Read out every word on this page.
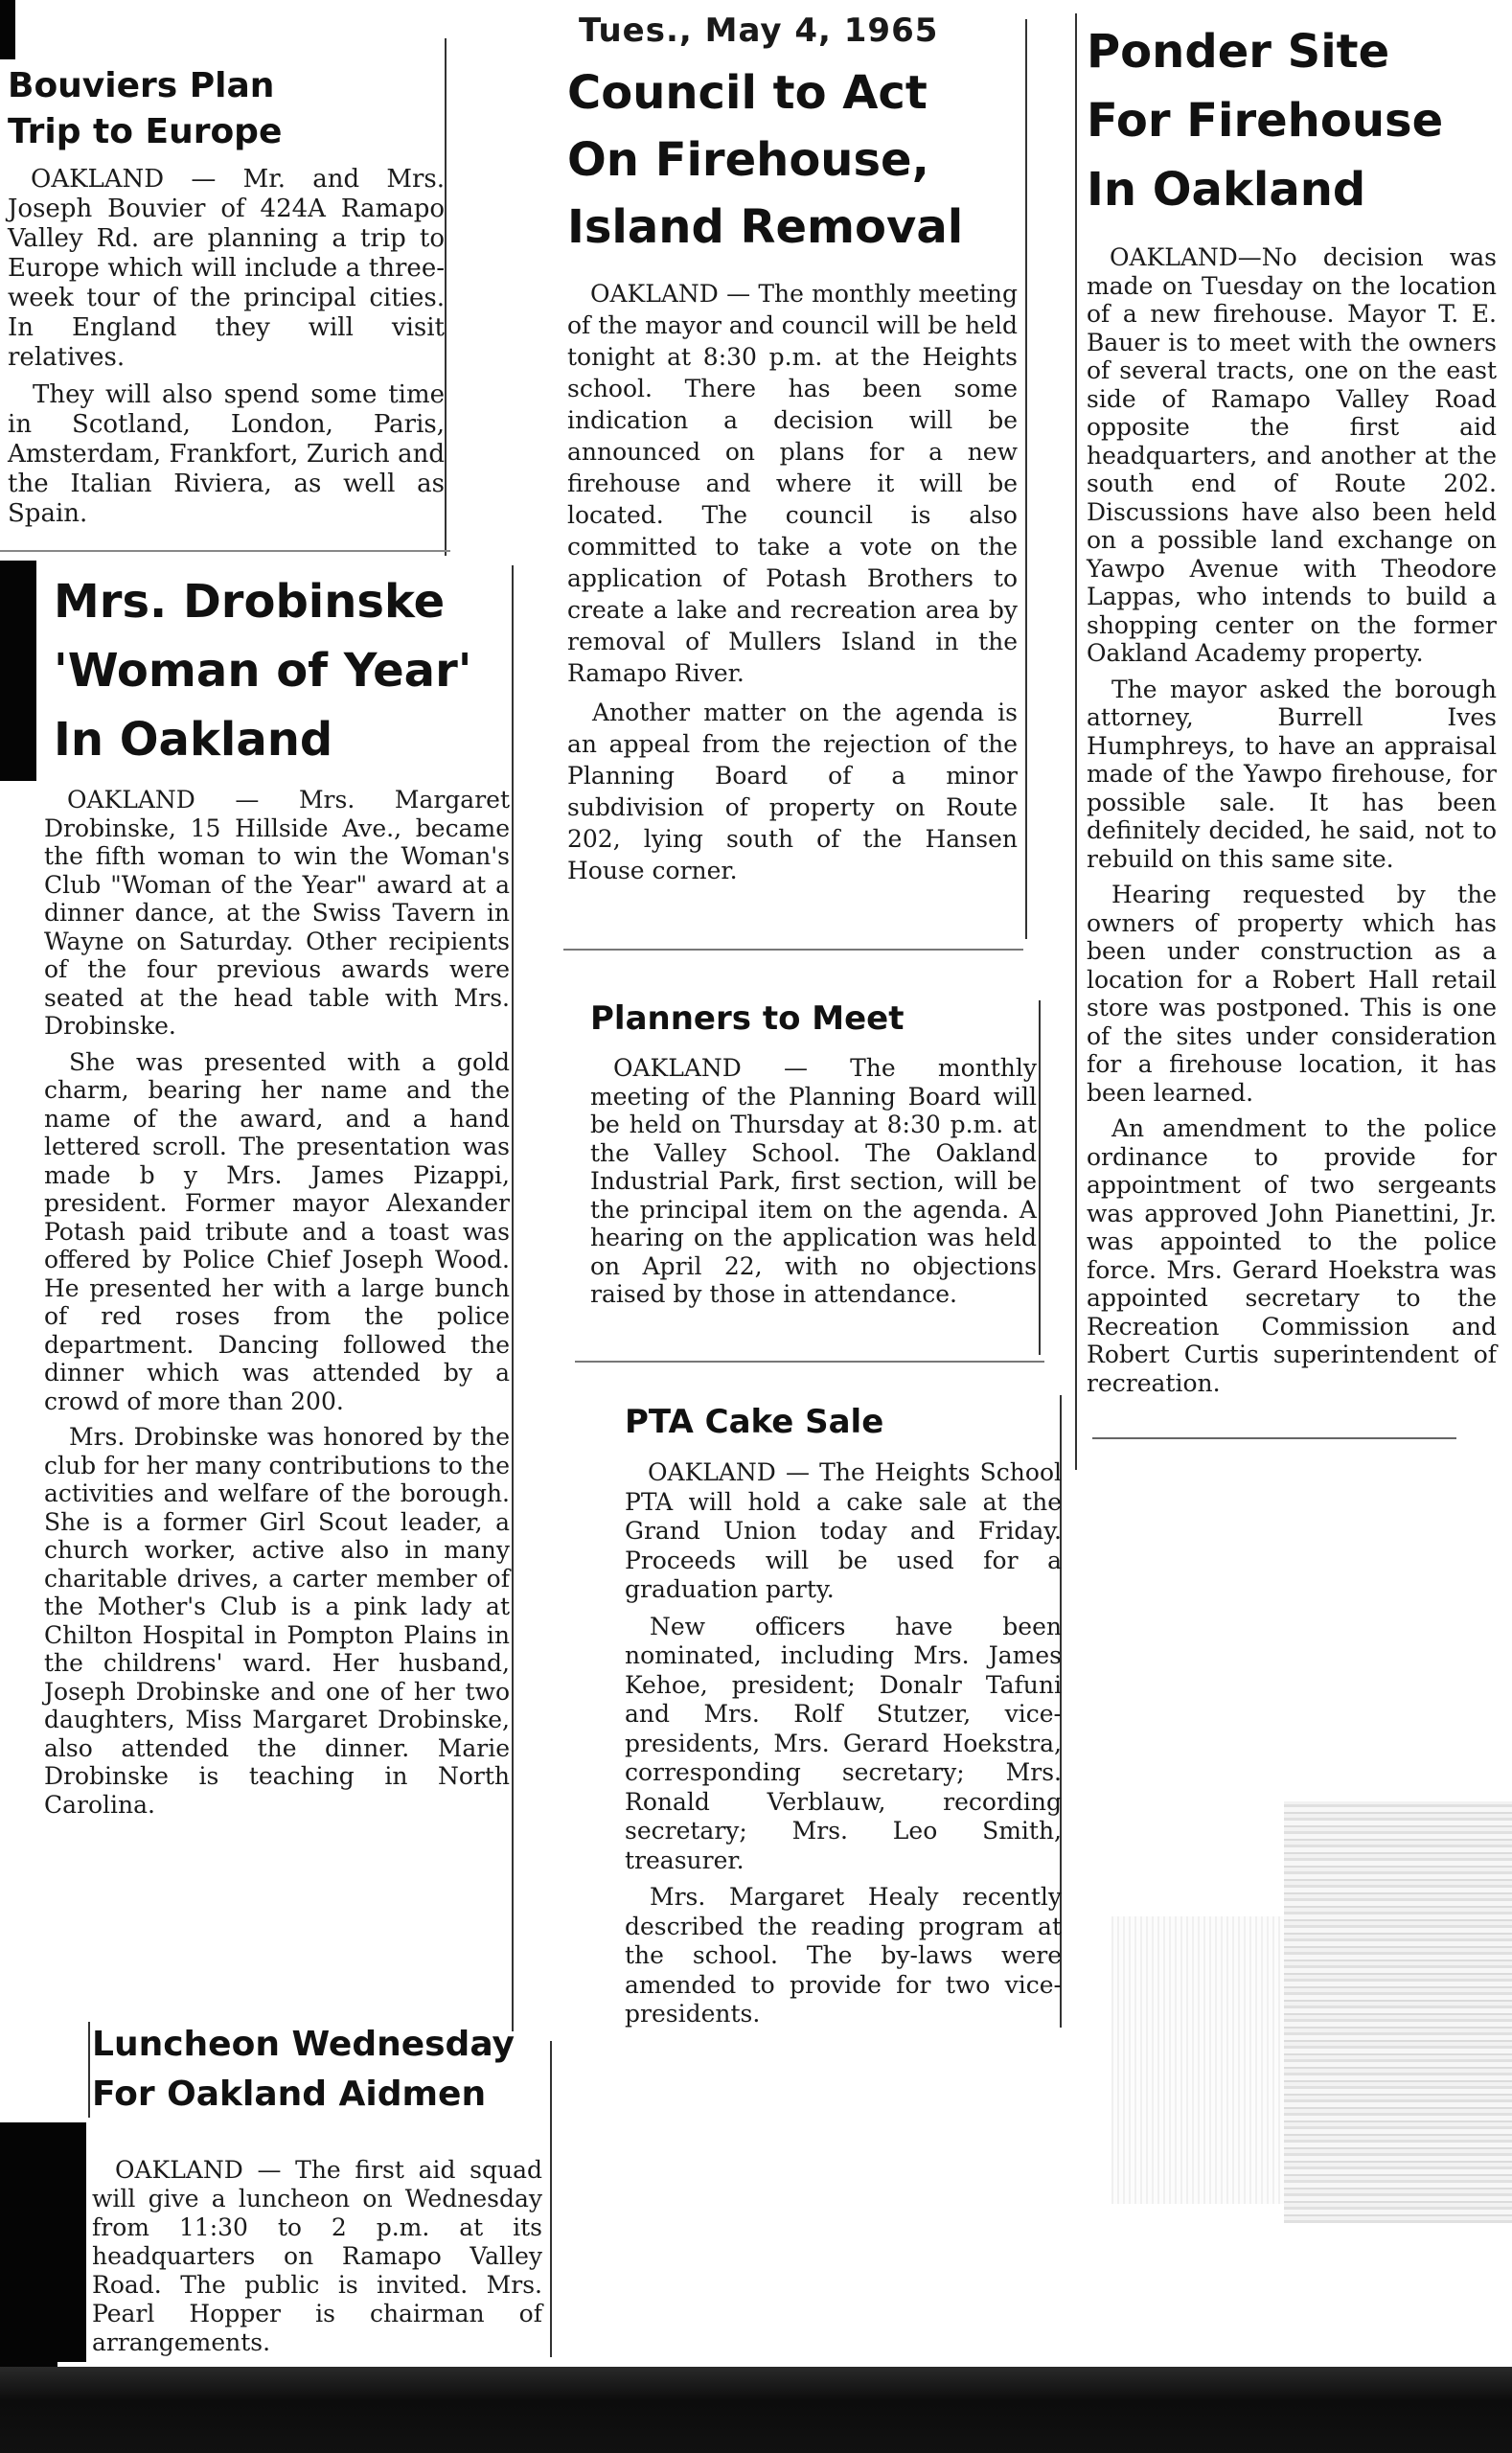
Bouviers Plan
Trip to Europe

OAKLAND — Mr. and Mrs. Joseph Bouvier of 424A Ramapo Valley Rd. are planning a trip to Europe which will include a three-week tour of the principal cities. In England they will visit relatives.

They will also spend some time in Scotland, London, Paris, Amsterdam, Frankfort, Zurich and the Italian Riviera, as well as Spain.

Mrs. Drobinske
'Woman of Year'
In Oakland

OAKLAND — Mrs. Margaret Drobinske, 15 Hillside Ave., became the fifth woman to win the Woman's Club "Woman of the Year" award at a dinner dance, at the Swiss Tavern in Wayne on Saturday. Other recipients of the four previous awards were seated at the head table with Mrs. Drobinske.

She was presented with a gold charm, bearing her name and the name of the award, and a hand lettered scroll. The presentation was made b y Mrs. James Pizappi, president. Former mayor Alexander Potash paid tribute and a toast was offered by Police Chief Joseph Wood. He presented her with a large bunch of red roses from the police department. Dancing followed the dinner which was attended by a crowd of more than 200.

Mrs. Drobinske was honored by the club for her many contributions to the activities and welfare of the borough. She is a former Girl Scout leader, a church worker, active also in many charitable drives, a carter member of the Mother's Club is a pink lady at Chilton Hospital in Pompton Plains in the childrens' ward. Her husband, Joseph Drobinske and one of her two daughters, Miss Margaret Drobinske, also attended the dinner. Marie Drobinske is teaching in North Carolina.

Luncheon Wednesday
For Oakland Aidmen

OAKLAND — The first aid squad will give a luncheon on Wednesday from 11:30 to 2 p.m. at its headquarters on Ramapo Valley Road. The public is invited. Mrs. Pearl Hopper is chairman of arrangements.

Tues., May 4, 1965
Council to Act
On Firehouse,
Island Removal

OAKLAND — The monthly meeting of the mayor and council will be held tonight at 8:30 p.m. at the Heights school. There has been some indication a decision will be announced on plans for a new firehouse and where it will be located. The council is also committed to take a vote on the application of Potash Brothers to create a lake and recreation area by removal of Mullers Island in the Ramapo River.

Another matter on the agenda is an appeal from the rejection of the Planning Board of a minor subdivision of property on Route 202, lying south of the Hansen House corner.

Planners to Meet

OAKLAND — The monthly meeting of the Planning Board will be held on Thursday at 8:30 p.m. at the Valley School. The Oakland Industrial Park, first section, will be the principal item on the agenda. A hearing on the application was held on April 22, with no objections raised by those in attendance.

PTA Cake Sale

OAKLAND — The Heights School PTA will hold a cake sale at the Grand Union today and Friday. Proceeds will be used for a graduation party.

New officers have been nominated, including Mrs. James Kehoe, president; Donalr Tafuni and Mrs. Rolf Stutzer, vice-presidents, Mrs. Gerard Hoekstra, corresponding secretary; Mrs. Ronald Verblauw, recording secretary; Mrs. Leo Smith, treasurer.

Mrs. Margaret Healy recently described the reading program at the school. The by-laws were amended to provide for two vice-presidents.

Ponder Site
For Firehouse
In Oakland

OAKLAND—No decision was made on Tuesday on the location of a new firehouse. Mayor T. E. Bauer is to meet with the owners of several tracts, one on the east side of Ramapo Valley Road opposite the first aid headquarters, and another at the south end of Route 202. Discussions have also been held on a possible land exchange on Yawpo Avenue with Theodore Lappas, who intends to build a shopping center on the former Oakland Academy property.

The mayor asked the borough attorney, Burrell Ives Humphreys, to have an appraisal made of the Yawpo firehouse, for possible sale. It has been definitely decided, he said, not to rebuild on this same site.

Hearing requested by the owners of property which has been under construction as a location for a Robert Hall retail store was postponed. This is one of the sites under consideration for a firehouse location, it has been learned.

An amendment to the police ordinance to provide for appointment of two sergeants was approved John Pianettini, Jr. was appointed to the police force. Mrs. Gerard Hoekstra was appointed secretary to the Recreation Commission and Robert Curtis superintendent of recreation.
